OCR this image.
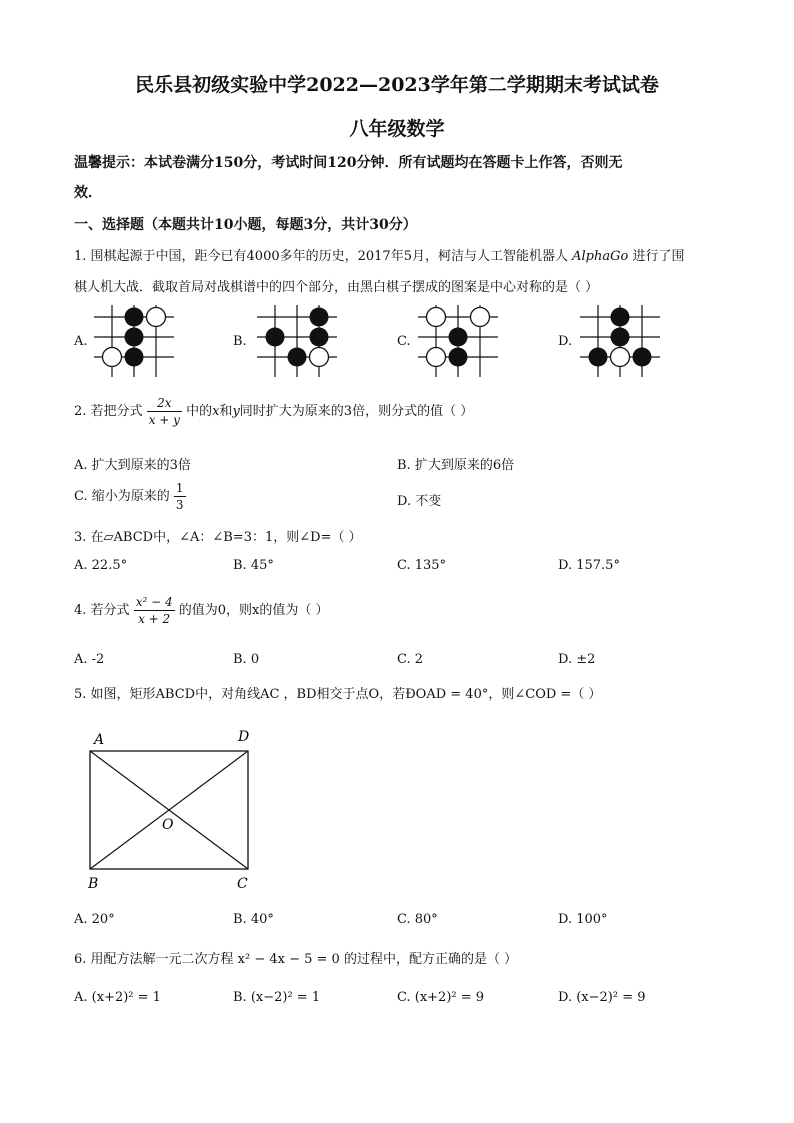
民乐县初级实验中学2022—2023学年第二学期期末考试试卷
八年级数学
温馨提示：本试卷满分150分，考试时间120分钟．所有试题均在答题卡上作答，否则无
效．
一、选择题（本题共计10小题，每题3分，共计30分）
1. 围棋起源于中国，距今已有4000多年的历史，2017年5月，柯洁与人工智能机器人 AlphaGo 进行了围
棋人机大战．截取首局对战棋谱中的四个部分，由黑白棋子摆成的图案是中心对称的是（ ）
A.	B.	C.	D.
2. 若把分式 $\frac{2x}{x + y}$ 中的x和y同时扩大为原来的3倍，则分式的值（ ）
A. 扩大到原来的3倍	B. 扩大到原来的6倍
C. 缩小为原来的 $\frac{1}{3}$	D. 不变
3. 在▱ABCD中，∠A：∠B=3：1，则∠D=（ ）
A. 22.5°	B. 45°	C. 135°	D. 157.5°
4. 若分式 $\frac{\text{x² − 4}}{x + 2}$ 的值为0，则x的值为（ ）
A. -2	B. 0	C. 2	D. ±2
5. 如图，矩形ABCD中，对角线AC ，BD相交于点O，若ÐOAD = 40°，则∠COD =（ ）
A	D
O
B	C
A. 20°	B. 40°	C. 80°	D. 100°
6. 用配方法解一元二次方程 x² − 4x − 5 = 0 的过程中，配方正确的是（ ）
A. (x+2)² = 1	B. (x−2)² = 1	C. (x+2)² = 9	D. (x−2)² = 9
